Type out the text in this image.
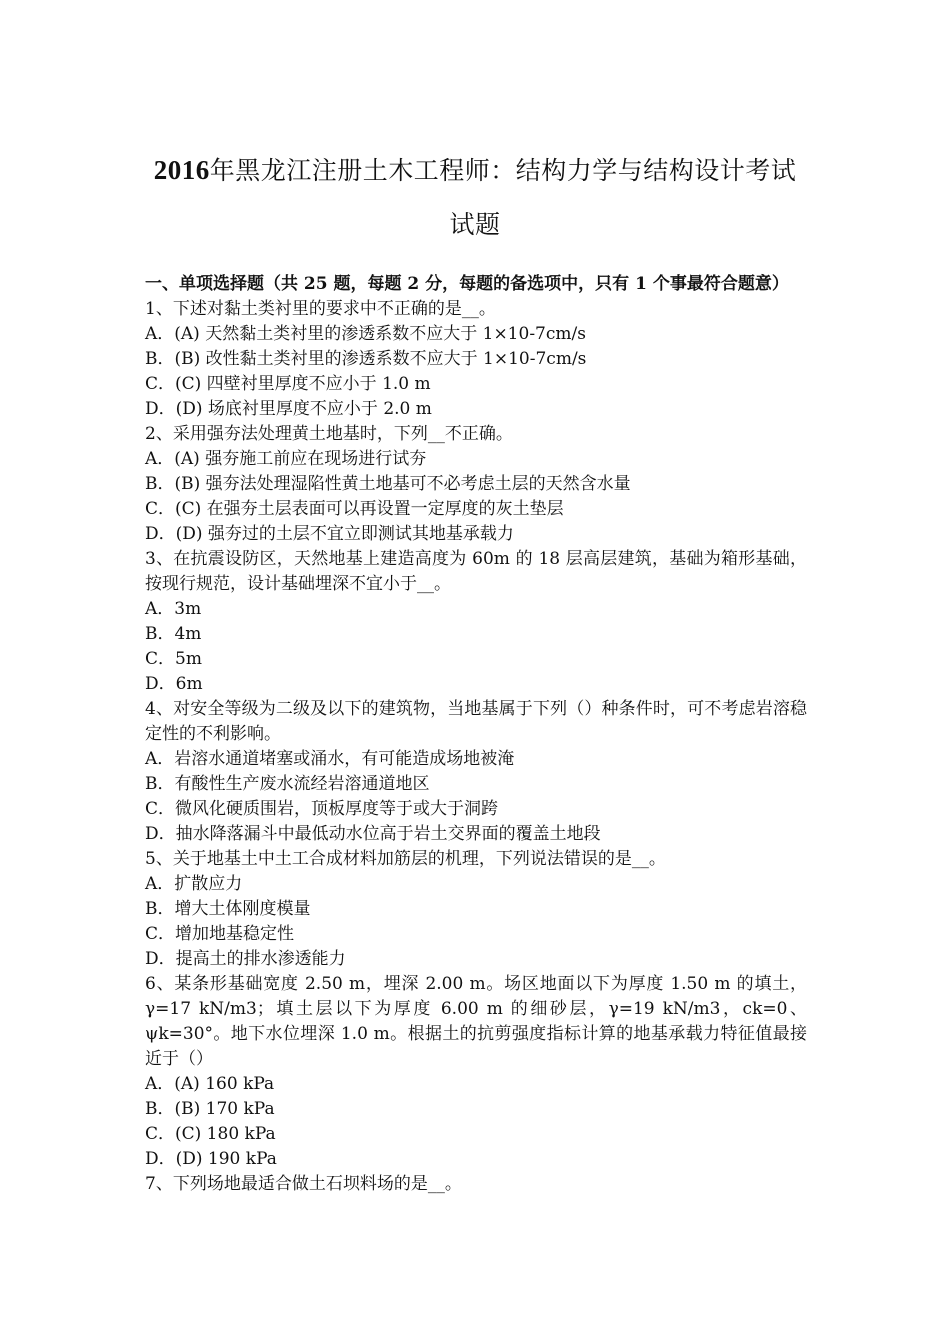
2016年黑龙江注册土木工程师：结构力学与结构设计考试
试题
一、单项选择题（共 25 题，每题 2 分，每题的备选项中，只有 1 个事最符合题意）
1、下述对黏土类衬里的要求中不正确的是__。
A．(A) 天然黏土类衬里的渗透系数不应大于 1×10-7cm/s
B．(B) 改性黏土类衬里的渗透系数不应大于 1×10-7cm/s
C．(C) 四壁衬里厚度不应小于 1.0 m
D．(D) 场底衬里厚度不应小于 2.0 m
2、采用强夯法处理黄土地基时，下列__不正确。
A．(A) 强夯施工前应在现场进行试夯
B．(B) 强夯法处理湿陷性黄土地基可不必考虑土层的天然含水量
C．(C) 在强夯土层表面可以再设置一定厚度的灰土垫层
D．(D) 强夯过的土层不宜立即测试其地基承载力
3、在抗震设防区，天然地基上建造高度为 60m 的 18 层高层建筑，基础为箱形基础，按现行规范，设计基础埋深不宜小于__。
A．3m
B．4m
C．5m
D．6m
4、对安全等级为二级及以下的建筑物，当地基属于下列（）种条件时，可不考虑岩溶稳定性的不利影响。
A．岩溶水通道堵塞或涌水，有可能造成场地被淹
B．有酸性生产废水流经岩溶通道地区
C．微风化硬质围岩，顶板厚度等于或大于洞跨
D．抽水降落漏斗中最低动水位高于岩土交界面的覆盖土地段
5、关于地基土中土工合成材料加筋层的机理，下列说法错误的是__。
A．扩散应力
B．增大土体刚度模量
C．增加地基稳定性
D．提高土的排水渗透能力
6、某条形基础宽度 2.50 m，埋深 2.00 m。场区地面以下为厚度 1.50 m 的填土，γ=17 kN/m3；填土层以下为厚度 6.00 m 的细砂层，γ=19 kN/m3，ck=0、ψk=30°。地下水位埋深 1.0 m。根据土的抗剪强度指标计算的地基承载力特征值最接近于（）
A．(A) 160 kPa
B．(B) 170 kPa
C．(C) 180 kPa
D．(D) 190 kPa
7、下列场地最适合做土石坝料场的是__。
